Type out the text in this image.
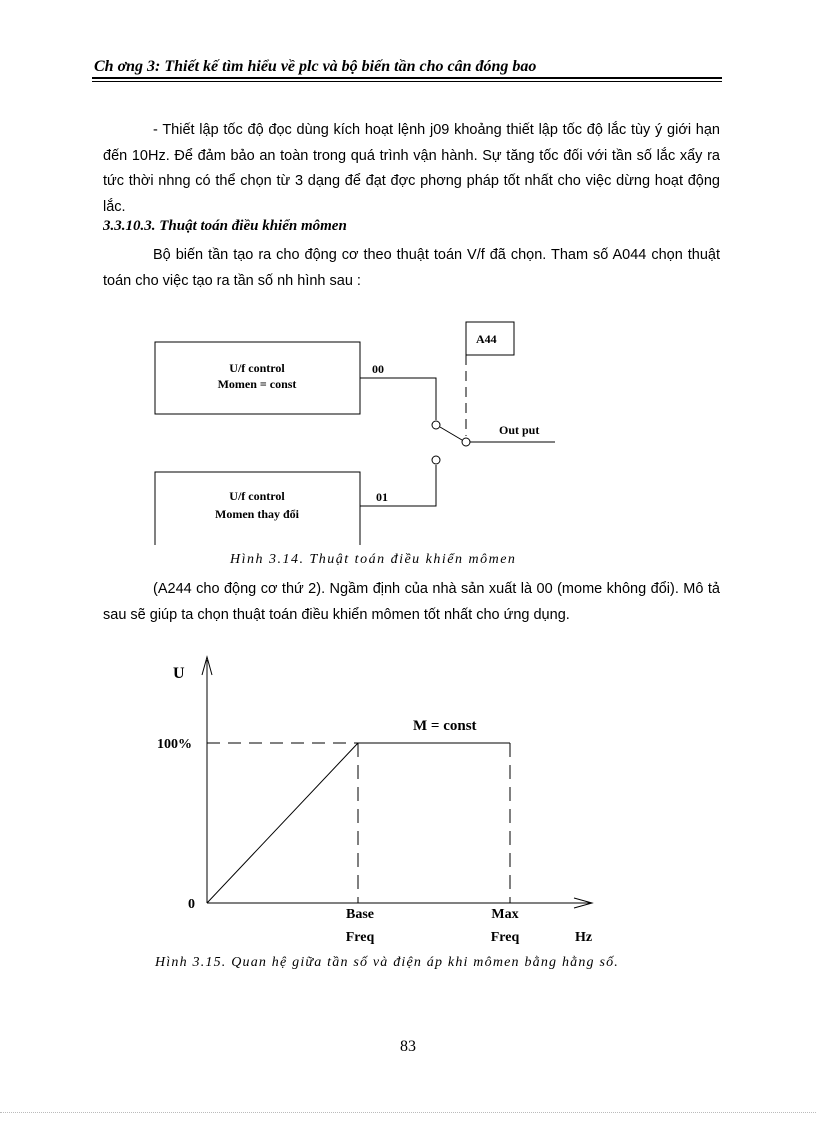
Ch ơng 3: Thiết kế tìm hiểu về plc và bộ biến tần cho cân đóng bao
- Thiết lập tốc độ đọc dùng kích hoạt lệnh j09 khoảng thiết lập tốc độ lắc tùy ý giới hạn đến 10Hz. Để đảm bảo an toàn trong quá trình vận hành. Sự tăng tốc đối với tần số lắc xẩy ra tức thời nhng có thể chọn từ 3 dạng để đạt đợc phơng pháp tốt nhất cho việc dừng hoạt động lắc.
3.3.10.3. Thuật toán điều khiển mômen
Bộ biến tần tạo ra cho động cơ theo thuật toán V/f đã chọn. Tham số A044 chọn thuật toán cho việc tạo ra tần số nh hình sau :
U/f control
Momen = const
U/f control
Momen thay đổi
00
01
A44
Out put
Hình 3.14. Thuật toán điều khiển mômen
(A244 cho động cơ thứ 2). Ngầm định của nhà sản xuất là 00 (mome không đổi). Mô tả sau sẽ giúp ta chọn thuật toán điều khiển mômen tốt nhất cho ứng dụng.
U
100%
0
M = const
Base
Freq
Max
Freq	Hz
Hình 3.15. Quan hệ giữa tần số và điện áp khi mômen bằng hằng số.
83
